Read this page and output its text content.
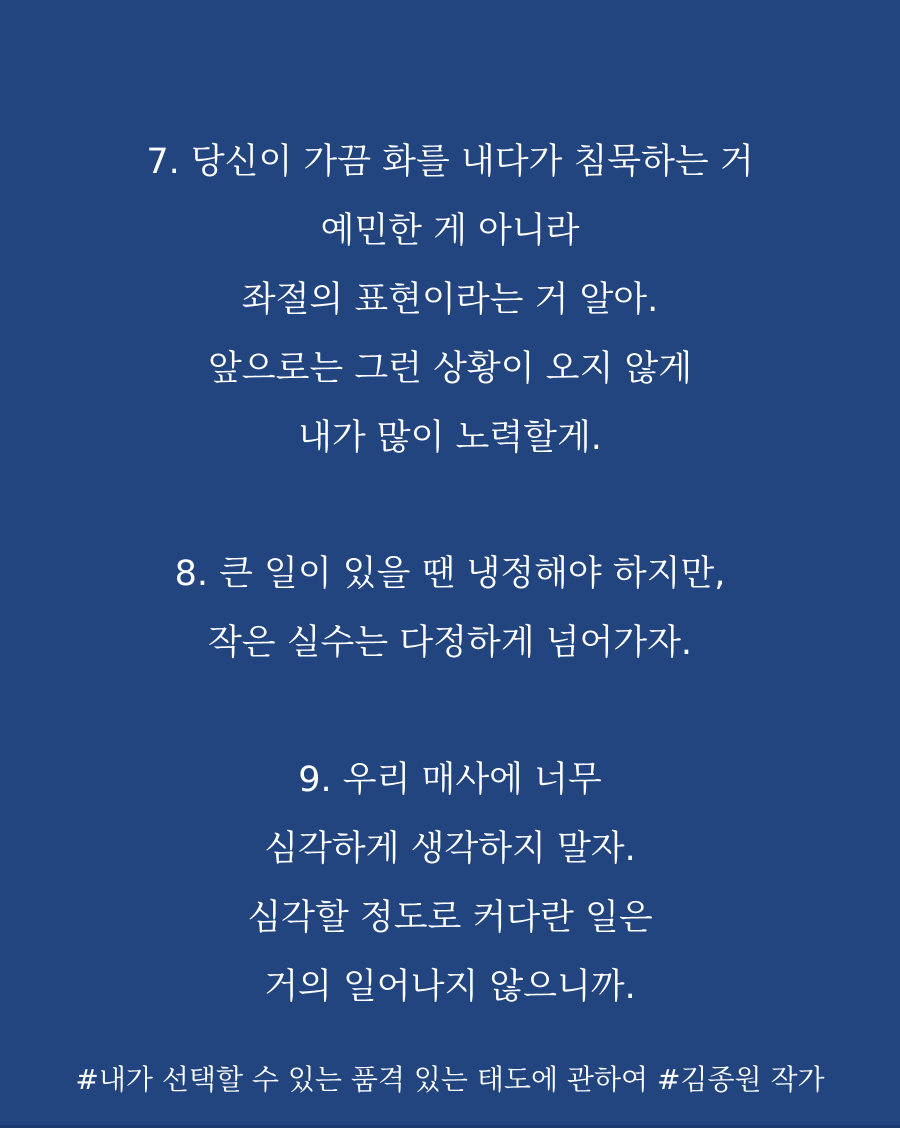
7. 당신이 가끔 화를 내다가 침묵하는 거
예민한 게 아니라
좌절의 표현이라는 거 알아.
앞으로는 그런 상황이 오지 않게
내가 많이 노력할게.
8. 큰 일이 있을 땐 냉정해야 하지만,
작은 실수는 다정하게 넘어가자.
9. 우리 매사에 너무
심각하게 생각하지 말자.
심각할 정도로 커다란 일은
거의 일어나지 않으니까.
#내가 선택할 수 있는 품격 있는 태도에 관하여 #김종원 작가
